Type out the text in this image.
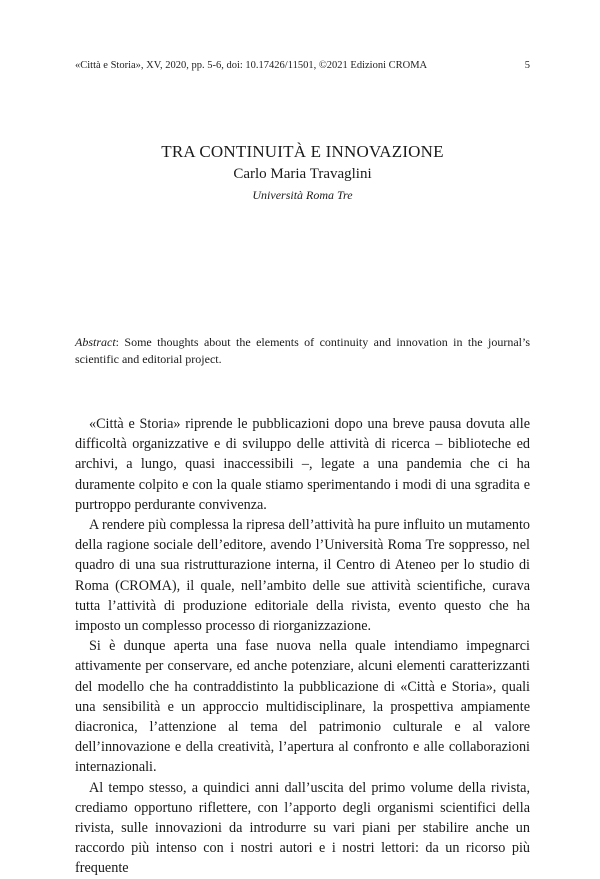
«Città e Storia», XV, 2020, pp. 5-6, doi: 10.17426/11501, ©2021 Edizioni CROMA	5
TRA CONTINUITÀ E INNOVAZIONE
Carlo Maria Travaglini
Università Roma Tre
Abstract: Some thoughts about the elements of continuity and innovation in the journal’s scientific and editorial project.

«Città e Storia» riprende le pubblicazioni dopo una breve pausa dovuta alle difficoltà organizzative e di sviluppo delle attività di ricerca – biblioteche ed archivi, a lungo, quasi inaccessibili –, legate a una pandemia che ci ha duramente colpito e con la quale stiamo sperimentando i modi di una sgradita e purtroppo perdurante convivenza.

A rendere più complessa la ripresa dell’attività ha pure influito un mutamento della ragione sociale dell’editore, avendo l’Università Roma Tre soppresso, nel quadro di una sua ristrutturazione interna, il Centro di Ateneo per lo studio di Roma (CROMA), il quale, nell’ambito delle sue attività scientifiche, curava tutta l’attività di produzione editoriale della rivista, evento questo che ha imposto un complesso processo di riorganizzazione.

Si è dunque aperta una fase nuova nella quale intendiamo impegnarci attivamente per conservare, ed anche potenziare, alcuni elementi caratterizzanti del modello che ha contraddistinto la pubblicazione di «Città e Storia», quali una sensibilità e un approccio multidisciplinare, la prospettiva ampiamente diacronica, l’attenzione al tema del patrimonio culturale e al valore dell’innovazione e della creatività, l’apertura al confronto e alle collaborazioni internazionali.

Al tempo stesso, a quindici anni dall’uscita del primo volume della rivista, crediamo opportuno riflettere, con l’apporto degli organismi scientifici della rivista, sulle innovazioni da introdurre su vari piani per stabilire anche un raccordo più intenso con i nostri autori e i nostri lettori: da un ricorso più frequente
